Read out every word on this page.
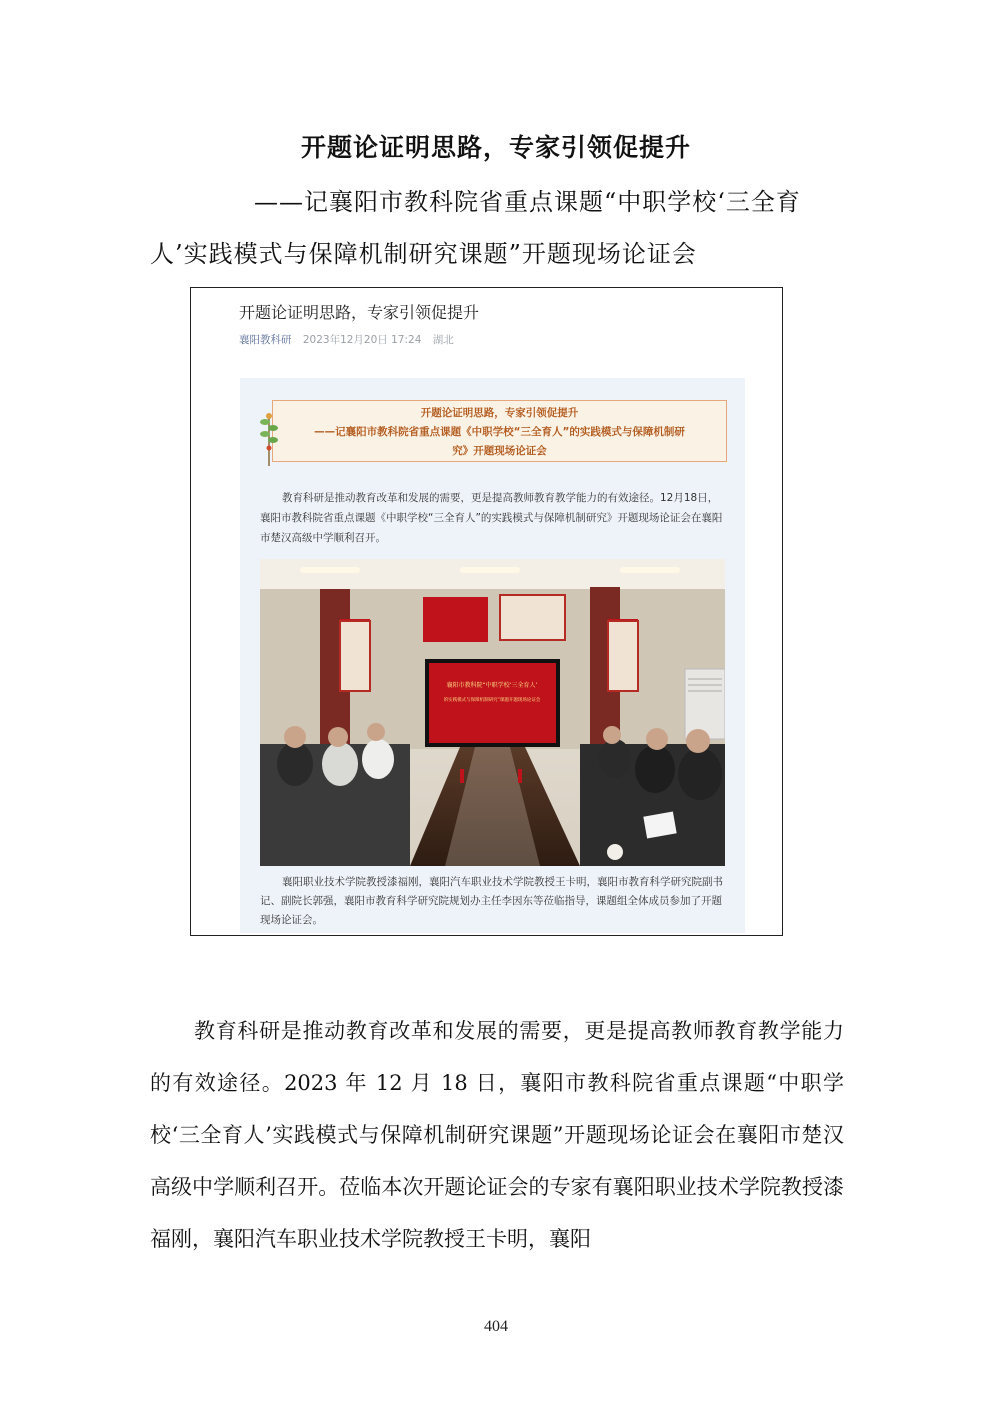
开题论证明思路，专家引领促提升
——记襄阳市教科院省重点课题“中职学校‘三全育人’实践模式与保障机制研究课题”开题现场论证会
开题论证明思路，专家引领促提升
襄阳教科研 2023年12月20日 17:24 湖北
开题论证明思路，专家引领促提升
——记襄阳市教科院省重点课题《中职学校“三全育人”的实践模式与保障机制研
究》开题现场论证会
教育科研是推动教育改革和发展的需要，更是提高教师教育教学能力的有效途径。12月18日，襄阳市教科院省重点课题《中职学校“三全育人”的实践模式与保障机制研究》开题现场论证会在襄阳市楚汉高级中学顺利召开。
襄阳市教科院“中职学校‘三全育人’
的实践模式与保障机制研究”课题开题现场论证会
襄阳职业技术学院教授漆福刚，襄阳汽车职业技术学院教授王卡明，襄阳市教育科学研究院副书记、副院长郭强，襄阳市教育科学研究院规划办主任李因东等莅临指导，课题组全体成员参加了开题现场论证会。
教育科研是推动教育改革和发展的需要，更是提高教师教育教学能力的有效途径。2023 年 12 月 18 日，襄阳市教科院省重点课题“中职学校‘三全育人’实践模式与保障机制研究课题”开题现场论证会在襄阳市楚汉高级中学顺利召开。莅临本次开题论证会的专家有襄阳职业技术学院教授漆福刚，襄阳汽车职业技术学院教授王卡明，襄阳
404
